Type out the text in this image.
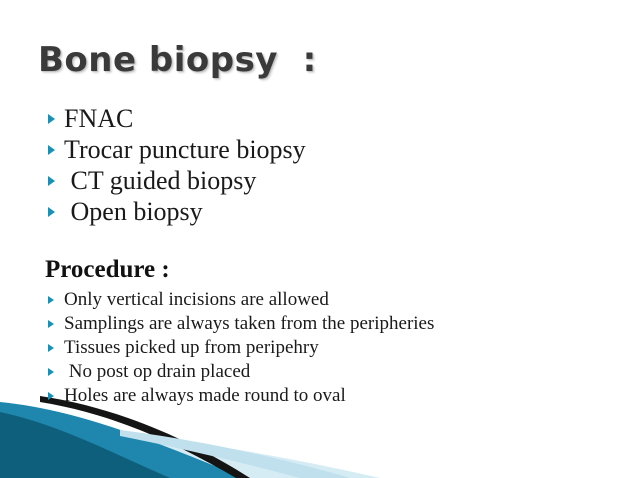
Bone biopsy  :
FNAC
Trocar puncture biopsy
CT guided biopsy
Open biopsy
Procedure :
Only vertical incisions are allowed
Samplings are always taken from the peripheries
Tissues picked up from peripehry
No post op drain placed
Holes are always made round to oval
